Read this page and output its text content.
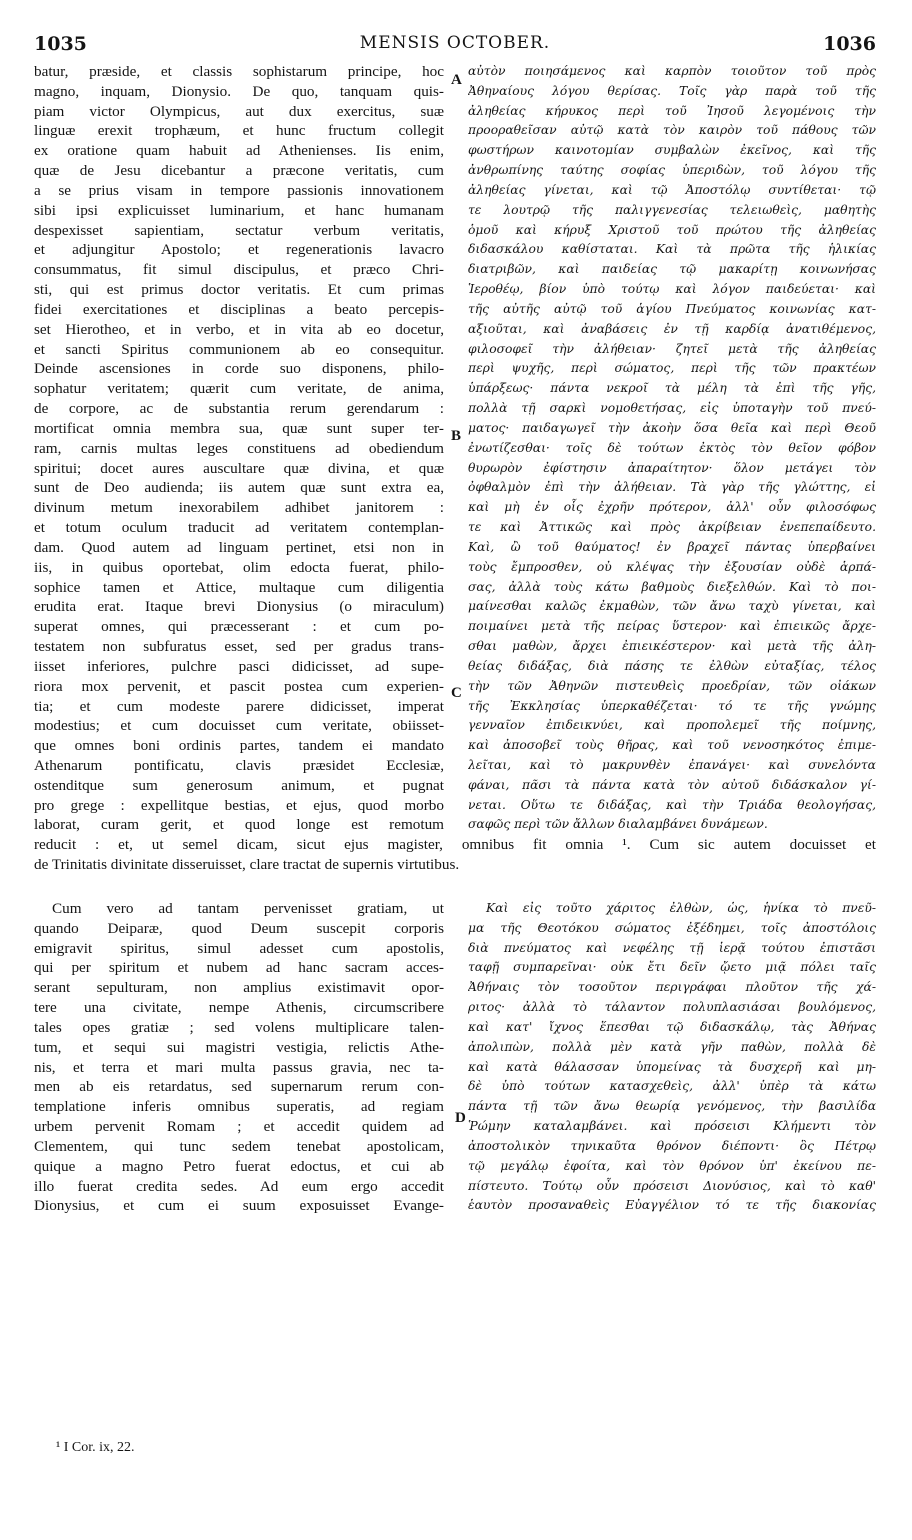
1035	MENSIS OCTOBER.	1036
batur, præside, et classis sophistarum principe, hoc
magno, inquam, Dionysio. De quo, tanquam quis-
piam victor Olympicus, aut dux exercitus, suæ
linguæ erexit trophæum, et hunc fructum collegit
ex oratione quam habuit ad Athenienses. Iis enim,
quæ de Jesu dicebantur a præcone veritatis, cum
a se prius visam in tempore passionis innovationem
sibi ipsi explicuisset luminarium, et hanc humanam
despexisset sapientiam, sectatur verbum veritatis,
et adjungitur Apostolo; et regenerationis lavacro
consummatus, fit simul discipulus, et præco Chri-
sti, qui est primus doctor veritatis. Et cum primas
fidei exercitationes et disciplinas a beato percepis-
set Hierotheo, et in verbo, et in vita ab eo docetur,
et sancti Spiritus communionem ab eo consequitur.
Deinde ascensiones in corde suo disponens, philo-
sophatur veritatem; quærit cum veritate, de anima,
de corpore, ac de substantia rerum gerendarum :
mortificat omnia membra sua, quæ sunt super ter-
ram, carnis multas leges constituens ad obediendum
spiritui; docet aures auscultare quæ divina, et quæ
sunt de Deo audienda; iis autem quæ sunt extra ea,
divinum metum inexorabilem adhibet janitorem :
et totum oculum traducit ad veritatem contemplan-
dam. Quod autem ad linguam pertinet, etsi non in
iis, in quibus oportebat, olim edocta fuerat, philo-
sophice tamen et Attice, multaque cum diligentia
erudita erat. Itaque brevi Dionysius (o miraculum)
superat omnes, qui præcesserant : et cum po-
testatem non subfuratus esset, sed per gradus trans-
iisset inferiores, pulchre pasci didicisset, ad supe-
riora mox pervenit, et pascit postea cum experien-
tia; et cum modeste parere didicisset, imperat
modestius; et cum docuisset cum veritate, obiisset-
que omnes boni ordinis partes, tandem ei mandato
Athenarum pontificatu, clavis præsidet Ecclesiæ,
ostenditque sum generosum animum, et pugnat
pro grege : expellitque bestias, et ejus, quod morbo
laborat, curam gerit, et quod longe est remotum
αὐτὸν ποιησάμενος καὶ καρπὸν τοιοῦτον τοῦ πρὸς
Ἀθηναίους λόγου θερίσας. Τοῖς γὰρ παρὰ τοῦ τῆς
ἀληθείας κήρυκος περὶ τοῦ Ἰησοῦ λεγομένοις τὴν
προοραθεῖσαν αὐτῷ κατὰ τὸν καιρὸν τοῦ πάθους τῶν
φωστήρων καινοτομίαν συμβαλὼν ἐκεῖνος, καὶ τῆς
ἀνθρωπίνης ταύτης σοφίας ὑπεριδὼν, τοῦ λόγου τῆς
ἀληθείας γίνεται, καὶ τῷ Ἀποστόλῳ συντίθεται· τῷ
τε λουτρῷ τῆς παλιγγενεσίας τελειωθεὶς, μαθητὴς
ὁμοῦ καὶ κήρυξ Χριστοῦ τοῦ πρώτου τῆς ἀληθείας
διδασκάλου καθίσταται. Καὶ τὰ πρῶτα τῆς ἡλικίας
διατριβῶν, καὶ παιδείας τῷ μακαρίτῃ κοινωνήσας
Ἱεροθέῳ, βίον ὑπὸ τούτῳ καὶ λόγον παιδεύεται· καὶ
τῆς αὐτῆς αὐτῷ τοῦ ἁγίου Πνεύματος κοινωνίας κατ-
αξιοῦται, καὶ ἀναβάσεις ἐν τῇ καρδίᾳ ἀνατιθέμενος,
φιλοσοφεῖ τὴν ἀλήθειαν· ζητεῖ μετὰ τῆς ἀληθείας
περὶ ψυχῆς, περὶ σώματος, περὶ τῆς τῶν πρακτέων
ὑπάρξεως· πάντα νεκροῖ τὰ μέλη τὰ ἐπὶ τῆς γῆς,
πολλὰ τῇ σαρκὶ νομοθετήσας, εἰς ὑποταγὴν τοῦ πνεύ-
ματος· παιδαγωγεῖ τὴν ἀκοὴν ὅσα θεῖα καὶ περὶ Θεοῦ
ἐνωτίζεσθαι· τοῖς δὲ τούτων ἐκτὸς τὸν θεῖον φόβον
θυρωρὸν ἐφίστησιν ἀπαραίτητον· ὅλον μετάγει τὸν
ὀφθαλμὸν ἐπὶ τὴν ἀλήθειαν. Τὰ γὰρ τῆς γλώττης, εἰ
καὶ μὴ ἐν οἷς ἐχρῆν πρότερον, ἀλλ' οὖν φιλοσόφως
τε καὶ Ἀττικῶς καὶ πρὸς ἀκρίβειαν ἐνεπεπαίδευτο.
Καὶ, ὢ τοῦ θαύματος! ἐν βραχεῖ πάντας ὑπερβαίνει
τοὺς ἔμπροσθεν, οὐ κλέψας τὴν ἐξουσίαν οὐδὲ ἁρπά-
σας, ἀλλὰ τοὺς κάτω βαθμοὺς διεξελθών. Καὶ τὸ ποι-
μαίνεσθαι καλῶς ἐκμαθὼν, τῶν ἄνω ταχὺ γίνεται, καὶ
ποιμαίνει μετὰ τῆς πείρας ὕστερον· καὶ ἐπιεικῶς ἄρχε-
σθαι μαθὼν, ἄρχει ἐπιεικέστερον· καὶ μετὰ τῆς ἀλη-
θείας διδάξας, διὰ πάσης τε ἐλθὼν εὐταξίας, τέλος
τὴν τῶν Ἀθηνῶν πιστευθεὶς προεδρίαν, τῶν οἰάκων
τῆς Ἐκκλησίας ὑπερκαθέζεται· τό τε τῆς γνώμης
γενναῖον ἐπιδεικνύει, καὶ προπολεμεῖ τῆς ποίμνης,
καὶ ἀποσοβεῖ τοὺς θῆρας, καὶ τοῦ νενοσηκότος ἐπιμε-
λεῖται, καὶ τὸ μακρυνθὲν ἐπανάγει· καὶ συνελόντα
φάναι, πᾶσι τὰ πάντα κατὰ τὸν αὐτοῦ διδάσκαλον γί-
νεται. Οὕτω τε διδάξας, καὶ τὴν Τριάδα θεολογήσας,
σαφῶς περὶ τῶν ἄλλων διαλαμβάνει δυνάμεων.
A
B
C
D
reducit : et, ut semel dicam, sicut ejus magister, omnibus fit omnia ¹. Cum sic autem docuisset et
de Trinitatis divinitate disseruisset, clare tractat de supernis virtutibus.
Cum vero ad tantam pervenisset gratiam, ut
quando Deiparæ, quod Deum suscepit corporis
emigravit spiritus, simul adesset cum apostolis,
qui per spiritum et nubem ad hanc sacram acces-
serant sepulturam, non amplius existimavit opor-
tere una civitate, nempe Athenis, circumscribere
tales opes gratiæ ; sed volens multiplicare talen-
tum, et sequi sui magistri vestigia, relictis Athe-
nis, et terra et mari multa passus gravia, nec ta-
men ab eis retardatus, sed supernarum rerum con-
templatione inferis omnibus superatis, ad regiam
urbem pervenit Romam ; et accedit quidem ad
Clementem, qui tunc sedem tenebat apostolicam,
quique a magno Petro fuerat edoctus, et cui ab
illo fuerat credita sedes. Ad eum ergo accedit
Dionysius, et cum ei suum exposuisset Evange-
Καὶ εἰς τοῦτο χάριτος ἐλθὼν, ὡς, ἡνίκα τὸ πνεῦ-
μα τῆς Θεοτόκου σώματος ἐξέδημει, τοῖς ἀποστόλοις
διὰ πνεύματος καὶ νεφέλης τῇ ἱερᾷ τούτου ἐπιστᾶσι
ταφῇ συμπαρεῖναι· οὐκ ἔτι δεῖν ᾤετο μιᾷ πόλει ταῖς
Ἀθήναις τὸν τοσοῦτον περιγράφαι πλοῦτον τῆς χά-
ριτος· ἀλλὰ τὸ τάλαντον πολυπλασιάσαι βουλόμενος,
καὶ κατ' ἴχνος ἕπεσθαι τῷ διδασκάλῳ, τὰς Ἀθήνας
ἀπολιπὼν, πολλὰ μὲν κατὰ γῆν παθὼν, πολλὰ δὲ
καὶ κατὰ θάλασσαν ὑπομείνας τὰ δυσχερῆ καὶ μη-
δὲ ὑπὸ τούτων κατασχεθεὶς, ἀλλ' ὑπὲρ τὰ κάτω
πάντα τῇ τῶν ἄνω θεωρίᾳ γενόμενος, τὴν βασιλίδα
Ῥώμην καταλαμβάνει. καὶ πρόσεισι Κλήμεντι τὸν
ἀποστολικὸν τηνικαῦτα θρόνον διέποντι· ὃς Πέτρῳ
τῷ μεγάλῳ ἐφοίτα, καὶ τὸν θρόνον ὑπ' ἐκείνου πε-
πίστευτο. Τούτῳ οὖν πρόσεισι Διονύσιος, καὶ τὸ καθ'
ἑαυτὸν προσαναθεὶς Εὐαγγέλιον τό τε τῆς διακονίας
¹ I Cor. ix, 22.
